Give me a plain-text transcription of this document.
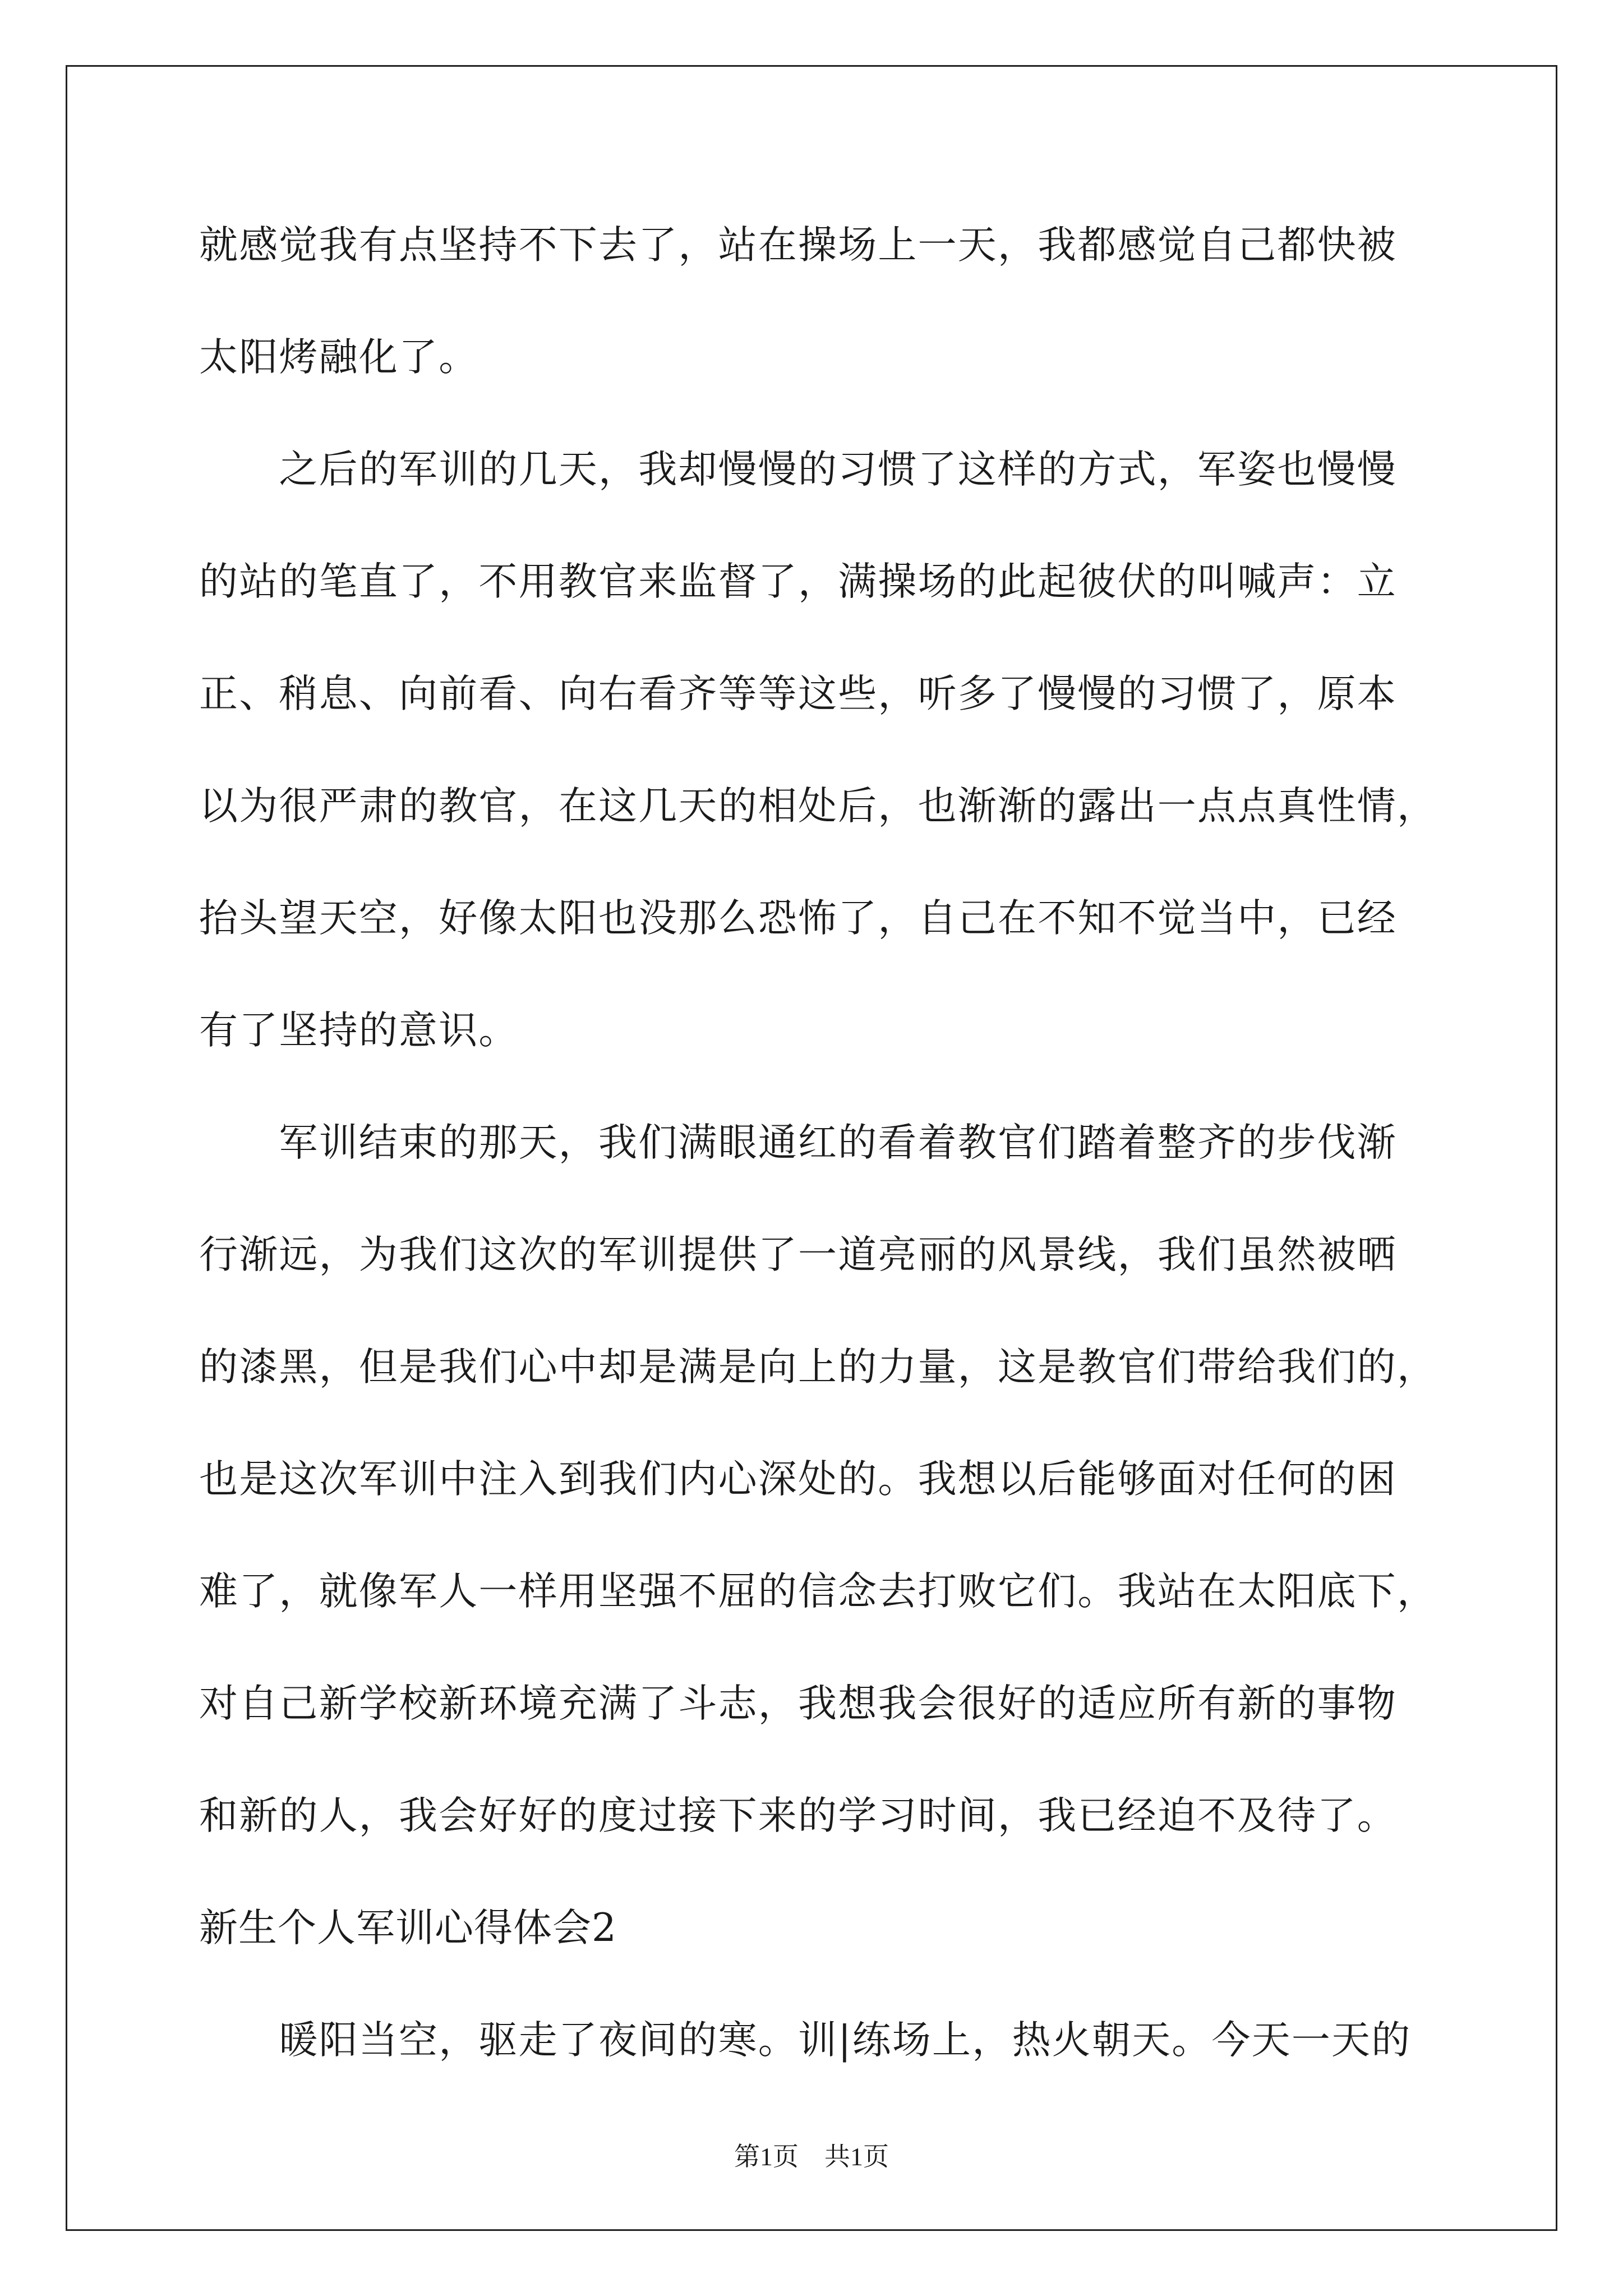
就感觉我有点坚持不下去了，站在操场上一天，我都感觉自己都快被

太阳烤融化了。

　　之后的军训的几天，我却慢慢的习惯了这样的方式，军姿也慢慢

的站的笔直了，不用教官来监督了，满操场的此起彼伏的叫喊声：立

正、稍息、向前看、向右看齐等等这些，听多了慢慢的习惯了，原本

以为很严肃的教官，在这几天的相处后，也渐渐的露出一点点真性情，

抬头望天空，好像太阳也没那么恐怖了，自己在不知不觉当中，已经

有了坚持的意识。

　　军训结束的那天，我们满眼通红的看着教官们踏着整齐的步伐渐

行渐远，为我们这次的军训提供了一道亮丽的风景线，我们虽然被晒

的漆黑，但是我们心中却是满是向上的力量，这是教官们带给我们的，

也是这次军训中注入到我们内心深处的。我想以后能够面对任何的困

难了，就像军人一样用坚强不屈的信念去打败它们。我站在太阳底下，

对自己新学校新环境充满了斗志，我想我会很好的适应所有新的事物

和新的人，我会好好的度过接下来的学习时间，我已经迫不及待了。

新生个人军训心得体会2

　　暖阳当空，驱走了夜间的寒。训|练场上，热火朝天。今天一天的

第1页 共1页
